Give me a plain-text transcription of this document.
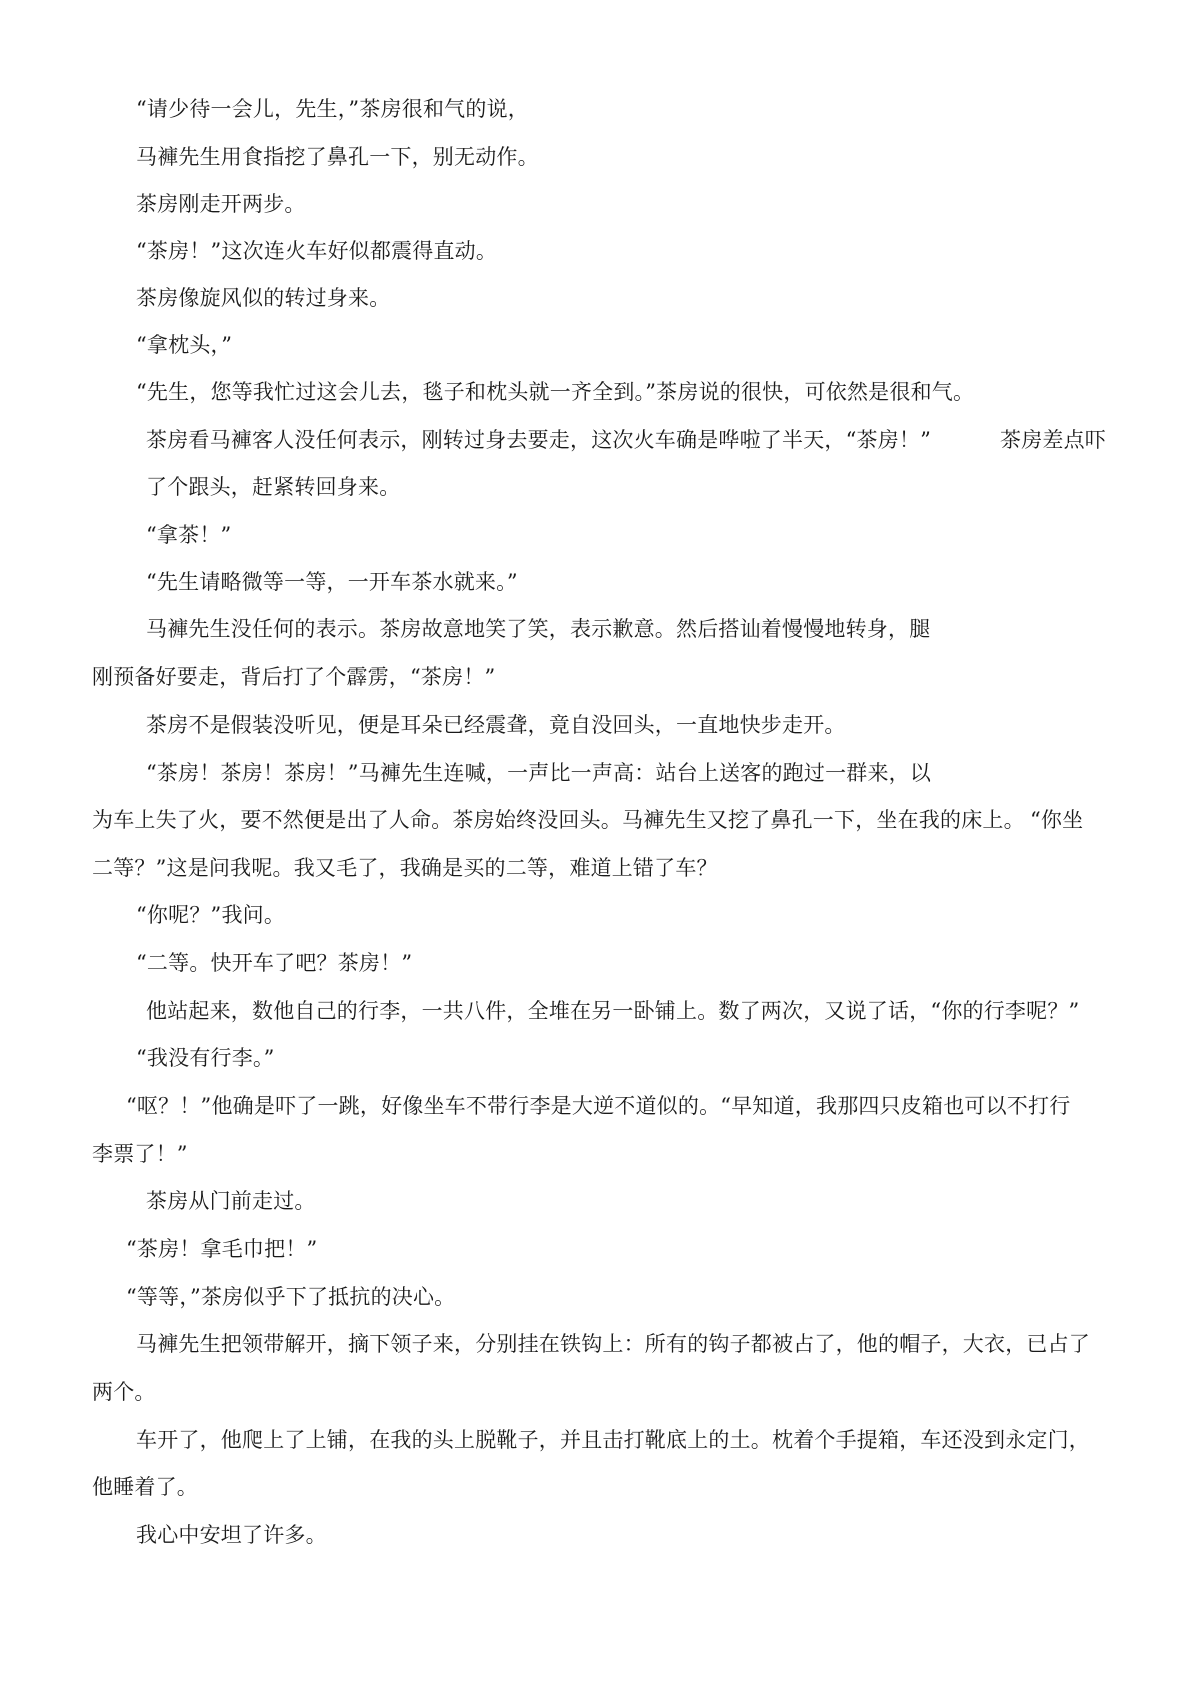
“请少待一会儿，先生，”茶房很和气的说，
马褲先生用食指挖了鼻孔一下，别无动作。
茶房刚走开两步。
“茶房！”这次连火车好似都震得直动。
茶房像旋风似的转过身来。
“拿枕头，”
“先生，您等我忙过这会儿去，毯子和枕头就一齐全到。”茶房说的很快，可依然是很和气。
茶房看马褲客人没任何表示，刚转过身去要走，这次火车确是哗啦了半天，“茶房！”	茶房差点吓
了个跟头，赶紧转回身来。
“拿茶！”
“先生请略微等一等，一开车茶水就来。”
马褲先生没任何的表示。茶房故意地笑了笑，表示歉意。然后搭讪着慢慢地转身，腿
刚预备好要走，背后打了个霹雳，“茶房！”
茶房不是假装没听见，便是耳朵已经震聋，竟自没回头，一直地快步走开。
“茶房！茶房！茶房！”马褲先生连喊，一声比一声高：站台上送客的跑过一群来，以
为车上失了火，要不然便是出了人命。茶房始终没回头。马褲先生又挖了鼻孔一下，坐在我的床上。 “你坐
二等？”这是问我呢。我又毛了，我确是买的二等，难道上错了车？
“你呢？”我问。
“二等。快开车了吧？茶房！”
他站起来，数他自己的行李，一共八件，全堆在另一卧铺上。数了两次，又说了话，“你的行李呢？”
“我没有行李。”
“呕？！”他确是吓了一跳，好像坐车不带行李是大逆不道似的。“早知道，我那四只皮箱也可以不打行
李票了！”
茶房从门前走过。
“茶房！拿毛巾把！”
“等等，”茶房似乎下了抵抗的决心。
马褲先生把领带解开，摘下领子来，分别挂在铁钩上：所有的钩子都被占了，他的帽子，大衣，已占了
两个。
车开了，他爬上了上铺，在我的头上脱靴子，并且击打靴底上的土。枕着个手提箱，车还没到永定门，
他睡着了。
我心中安坦了许多。
